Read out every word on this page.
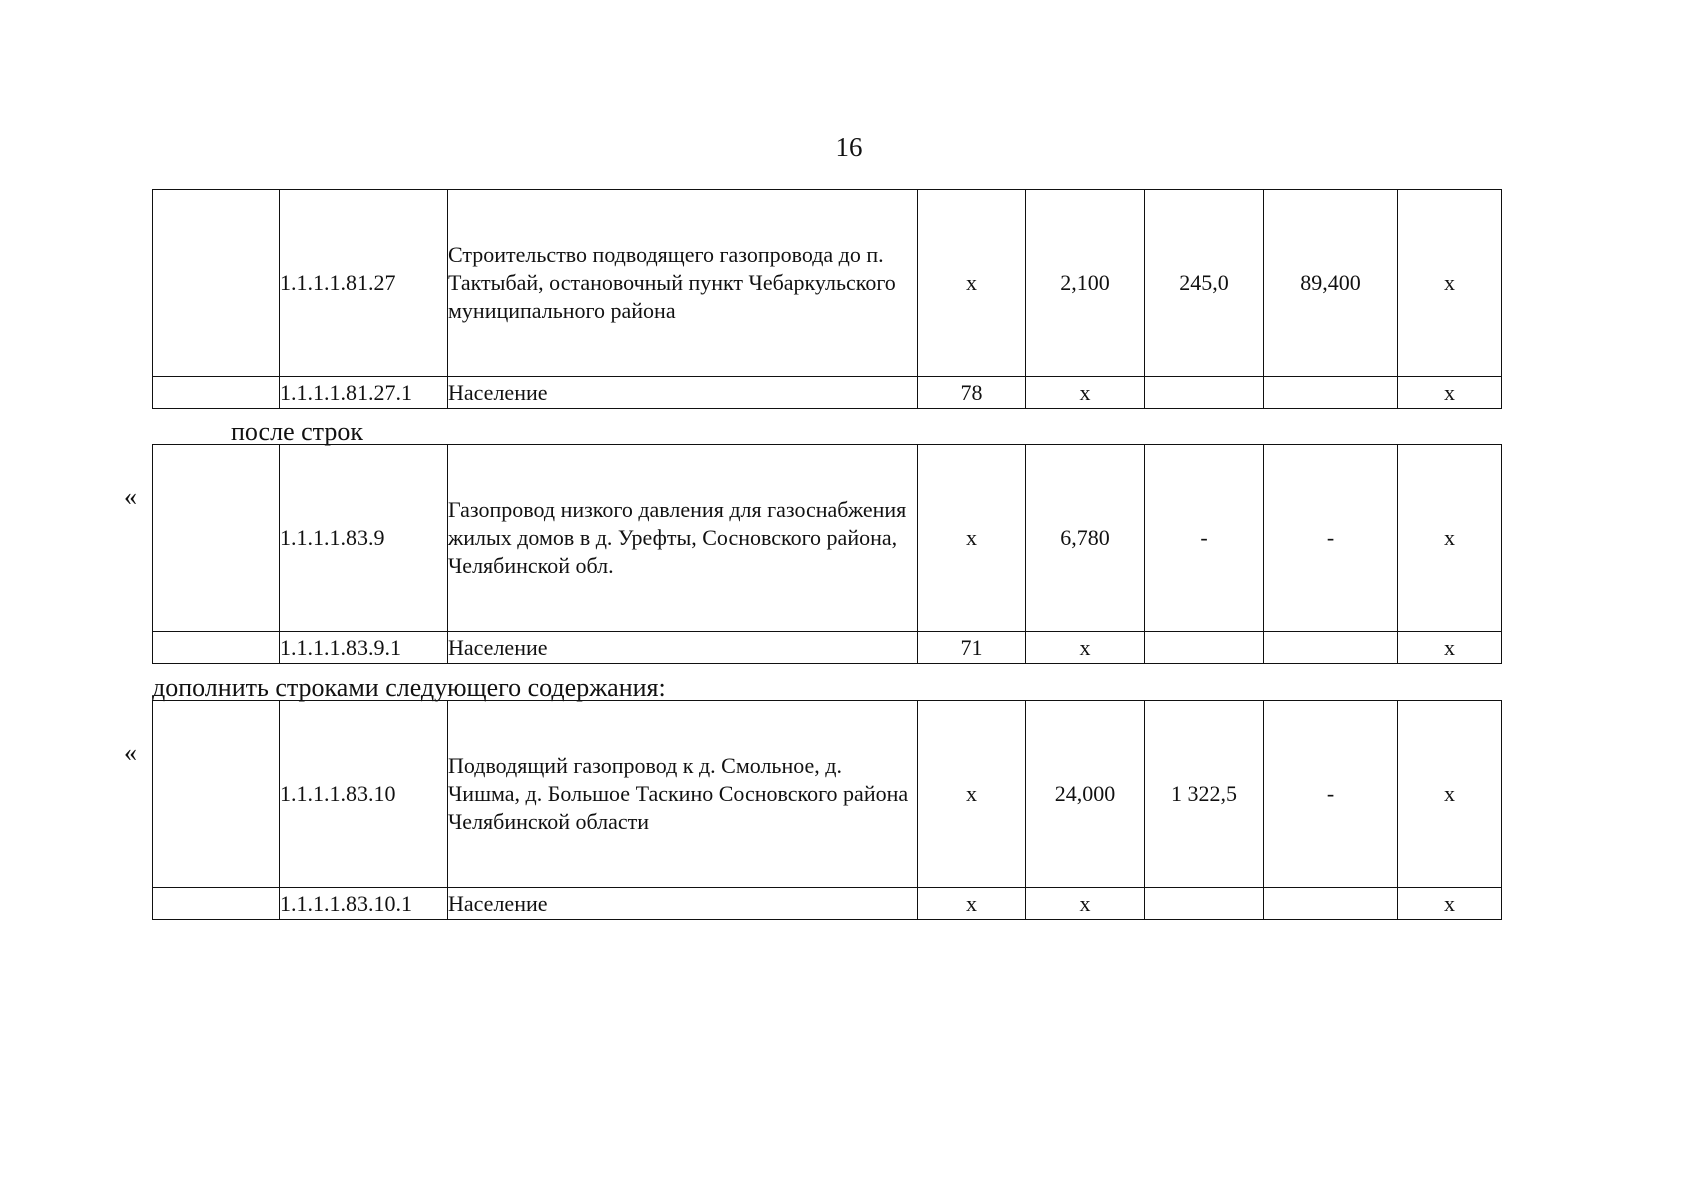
16
	1.1.1.1.81.27	Строительство подводящего газопровода до п. Тактыбай, остановочный пункт Чебаркульского муниципального района	х	2,100	245,0	89,400	х
	1.1.1.1.81.27.1	Население	78	х			х
после строк
«
	1.1.1.1.83.9	Газопровод низкого давления для газоснабжения жилых домов в д. Урефты, Сосновского района, Челябинской обл.	х	6,780	-	-	х
	1.1.1.1.83.9.1	Население	71	х			х
дополнить строками следующего содержания:
«
	1.1.1.1.83.10	Подводящий газопровод к д. Смольное, д. Чишма, д. Большое Таскино Сосновского района Челябинской области	х	24,000	1 322,5	-	х
	1.1.1.1.83.10.1	Население	х	х			х
